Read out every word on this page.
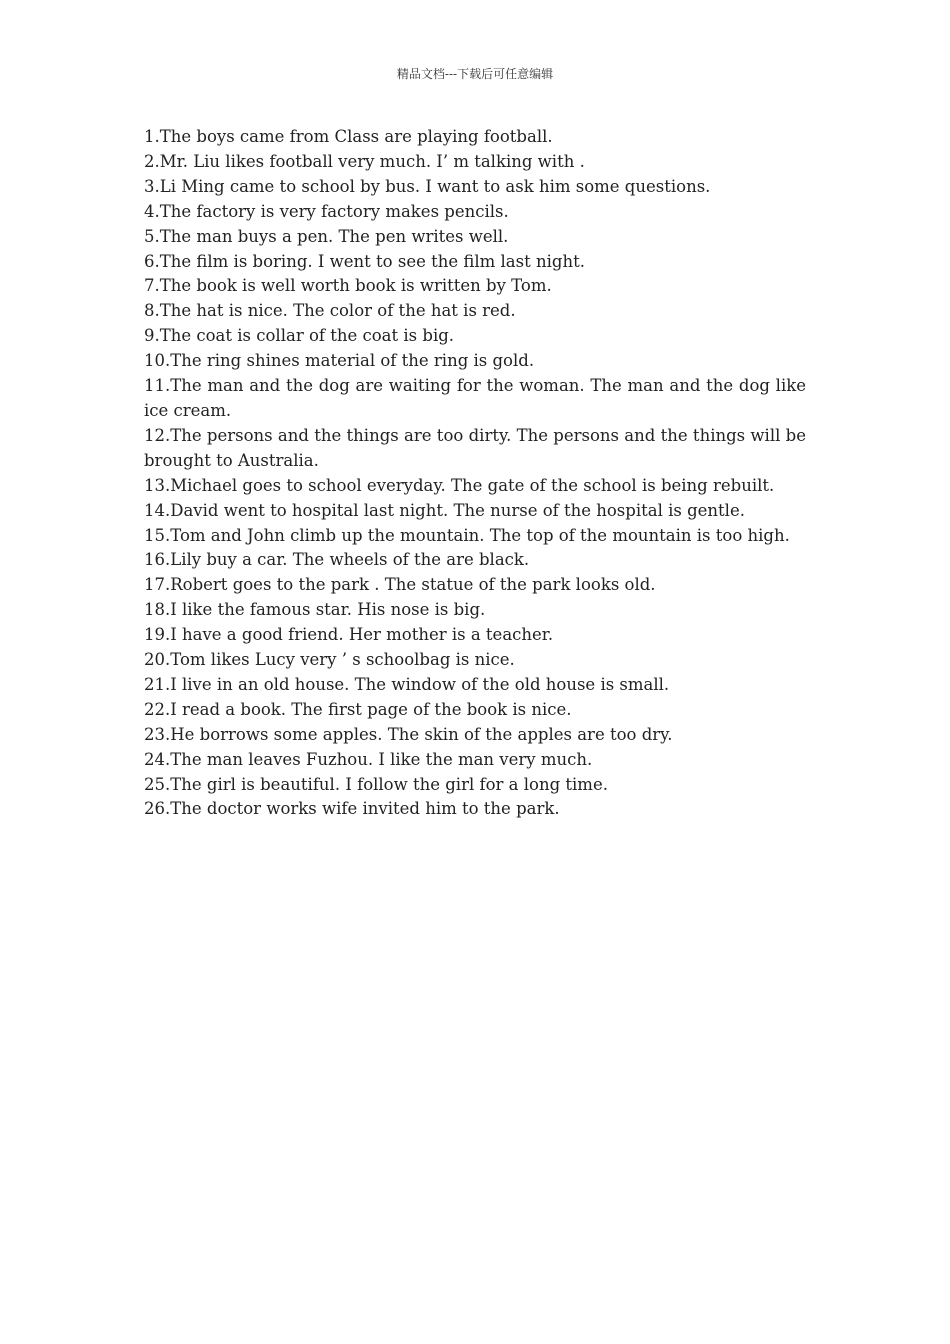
精品文档---下载后可任意编辑
1.The boys came from Class are playing football.
2.Mr. Liu likes football very much. I’ m talking with .
3.Li Ming came to school by bus. I want to ask him some questions.
4.The factory is very factory makes pencils.
5.The man buys a pen. The pen writes well.
6.The film is boring. I went to see the film last night.
7.The book is well worth book is written by Tom.
8.The hat is nice. The color of the hat is red.
9.The coat is collar of the coat is big.
10.The ring shines material of the ring is gold.
11.The man and the dog are waiting for the woman. The man and the dog like ice cream.
12.The persons and the things are too dirty. The persons and the things will be brought to Australia.
13.Michael goes to school everyday. The gate of the school is being rebuilt.
14.David went to hospital last night. The nurse of the hospital is gentle.
15.Tom and John climb up the mountain. The top of the mountain is too high.
16.Lily buy a car. The wheels of the are black.
17.Robert goes to the park . The statue of the park looks old.
18.I like the famous star. His nose is big.
19.I have a good friend. Her mother is a teacher.
20.Tom likes Lucy very ’ s schoolbag is nice.
21.I live in an old house. The window of the old house is small.
22.I read a book. The first page of the book is nice.
23.He borrows some apples. The skin of the apples are too dry.
24.The man leaves Fuzhou. I like the man very much.
25.The girl is beautiful. I follow the girl for a long time.
26.The doctor works wife invited him to the park.
